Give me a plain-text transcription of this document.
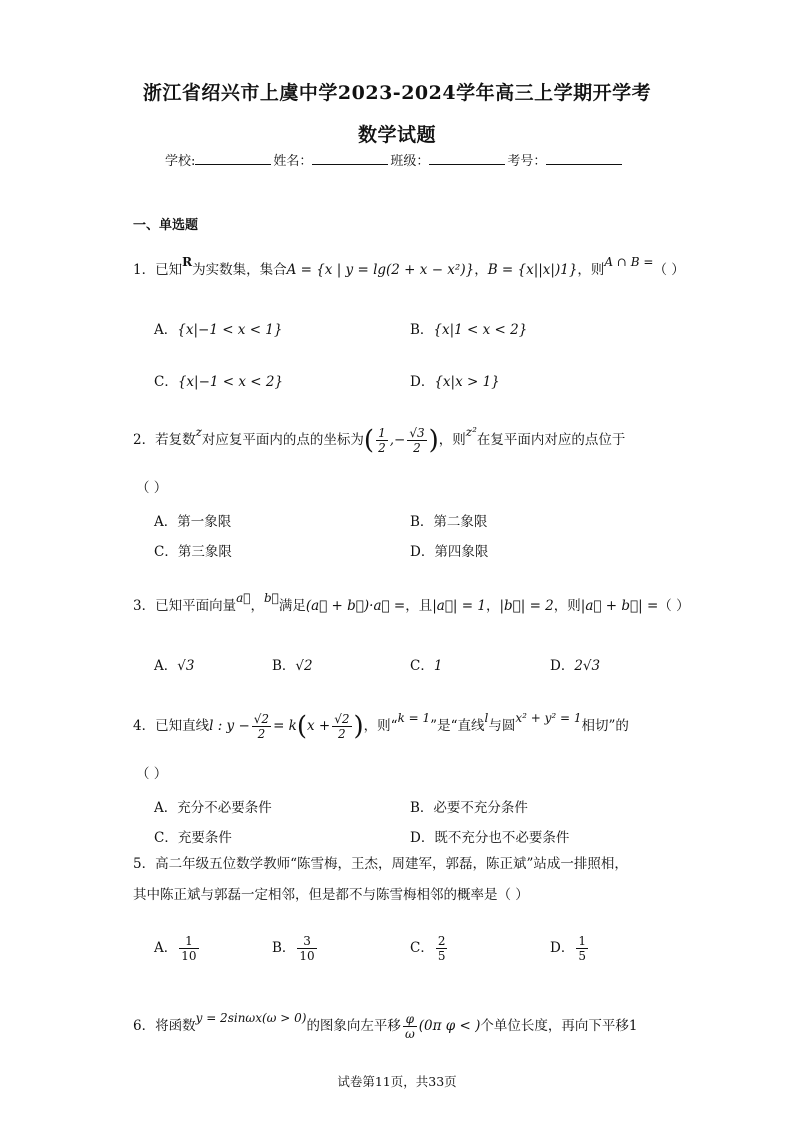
浙江省绍兴市上虞中学2023-2024学年高三上学期开学考
数学试题
学校:	姓名：	班级：	考号：
一、单选题
1．已知R为实数集，集合A = {x | y = lg(2 + x − x²)}，B = {x||x|)1}，则A ∩ B =（ ）
A．{x|−1 < x < 1}	B．{x|1 < x < 2}
C．{x|−1 < x < 2}	D．{x|x > 1}
2．若复数z对应复平面内的点的坐标为( $\frac{1}{2}$ ,− $\frac{√3}{2}$ )，则z²在复平面内对应的点位于
（ ）
A．第一象限	B．第二象限
C．第三象限	D．第四象限
3．已知平面向量a⃗，b⃗满足(a⃗ + b⃗)·a⃗ =，且|a⃗| = 1，|b⃗| = 2，则|a⃗ + b⃗| =（ ）
A．√3	B．√2	C．1	D．2√3
4．已知直线l : $y - \frac{√2}{2} = k(x + \frac{√2}{2}$ )，则“k = 1”是“直线l与圆x² + y² = 1相切”的
（ ）
A．充分不必要条件	B．必要不充分条件
C．充要条件	D．既不充分也不必要条件
5．高二年级五位数学教师“陈雪梅，王杰，周建军，郭磊，陈正斌”站成一排照相，
其中陈正斌与郭磊一定相邻，但是都不与陈雪梅相邻的概率是（ ）
A． $\frac{1}{10}$	B． $\frac{3}{10}$	C． $\frac{2}{5}$	D． $\frac{1}{5}$
6．将函数y = 2sinωx(ω > 0)的图象向左平移 $\frac{\varphi}{\omega} (0\pi$ φ < )个单位长度，再向下平移1
试卷第11页，共33页
